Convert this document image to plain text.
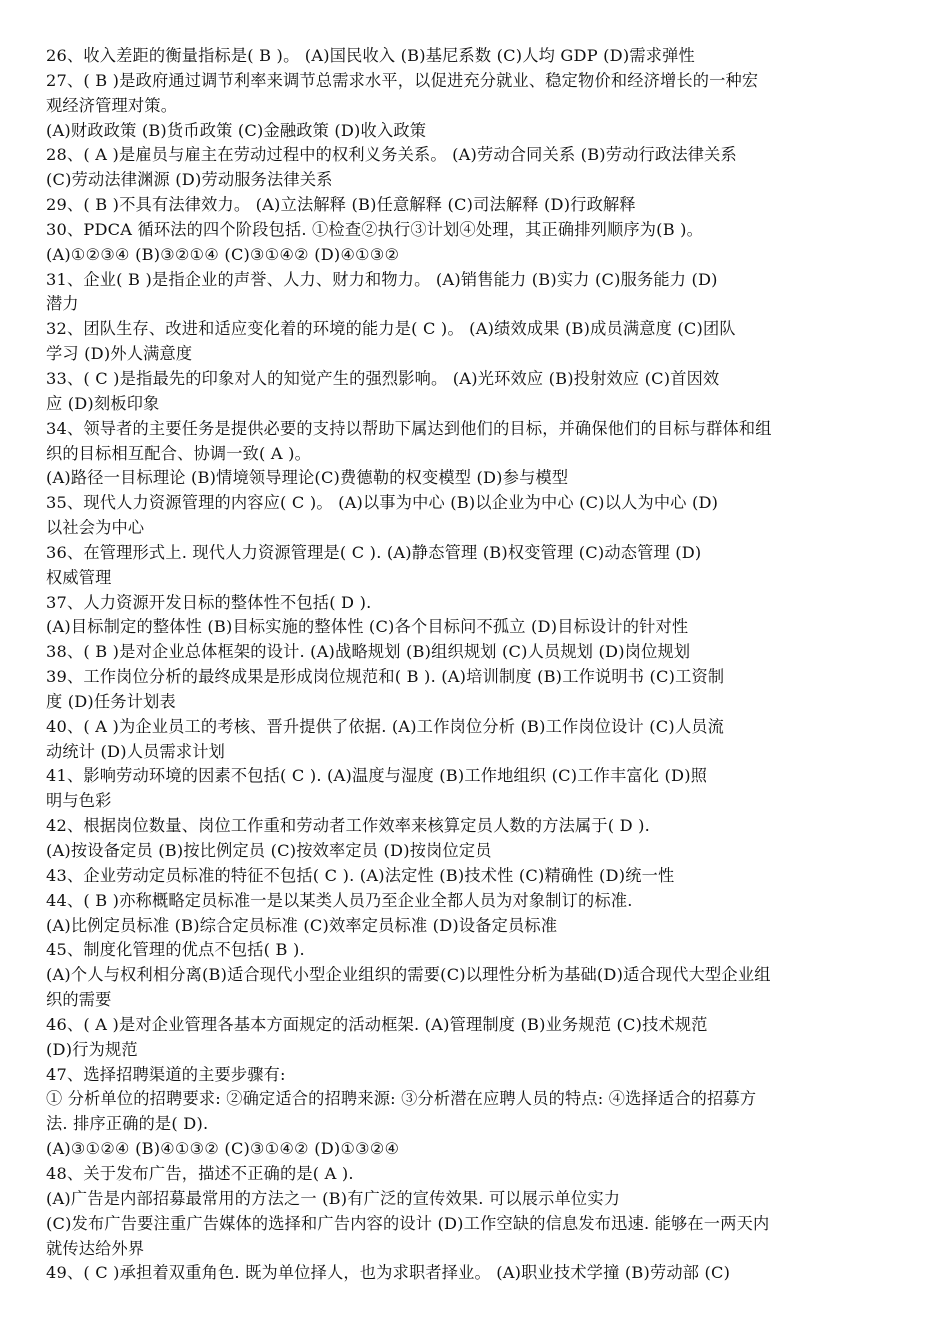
26、收入差距的衡量指标是( B )。 (A)国民收入 (B)基尼系数 (C)人均 GDP (D)需求弹性
27、( B )是政府通过调节利率来调节总需求水平，以促进充分就业、稳定物价和经济增长的一种宏
观经济管理对策。
(A)财政政策 (B)货币政策 (C)金融政策 (D)收入政策
28、( A )是雇员与雇主在劳动过程中的权利义务关系。 (A)劳动合同关系 (B)劳动行政法律关系
(C)劳动法律渊源 (D)劳动服务法律关系
29、( B )不具有法律效力。 (A)立法解释 (B)任意解释 (C)司法解释 (D)行政解释
30、PDCA 循环法的四个阶段包括. ①检查②执行③计划④处理，其正确排列顺序为(B )。
(A)①②③④ (B)③②①④ (C)③①④② (D)④①③②
31、企业( B )是指企业的声誉、人力、财力和物力。 (A)销售能力 (B)实力 (C)服务能力 (D)
潜力
32、团队生存、改进和适应变化着的环境的能力是( C )。 (A)绩效成果 (B)成员满意度 (C)团队
学习 (D)外人满意度
33、( C )是指最先的印象对人的知觉产生的强烈影响。 (A)光环效应 (B)投射效应 (C)首因效
应 (D)刻板印象
34、领导者的主要任务是提供必要的支持以帮助下属达到他们的目标，并确保他们的目标与群体和组
织的目标相互配合、协调一致( A )。
(A)路径一目标理论 (B)情境领导理论(C)费德勒的权变模型 (D)参与模型
35、现代人力资源管理的内容应( C )。 (A)以事为中心 (B)以企业为中心 (C)以人为中心 (D)
以社会为中心
36、在管理形式上. 现代人力资源管理是( C ). (A)静态管理 (B)权变管理 (C)动态管理 (D)
权威管理
37、人力资源开发日标的整体性不包括( D ).
(A)目标制定的整体性 (B)目标实施的整体性 (C)各个目标问不孤立 (D)目标设计的针对性
38、( B )是对企业总体框架的设计. (A)战略规划 (B)组织规划 (C)人员规划 (D)岗位规划
39、工作岗位分析的最终成果是形成岗位规范和( B ). (A)培训制度 (B)工作说明书 (C)工资制
度 (D)任务计划表
40、( A )为企业员工的考核、晋升提供了依据. (A)工作岗位分析 (B)工作岗位设计 (C)人员流
动统计 (D)人员需求计划
41、影响劳动环境的因素不包括( C ). (A)温度与湿度 (B)工作地组织 (C)工作丰富化 (D)照
明与色彩
42、根据岗位数量、岗位工作重和劳动者工作效率来核算定员人数的方法属于( D ).
(A)按设备定员 (B)按比例定员 (C)按效率定员 (D)按岗位定员
43、企业劳动定员标准的特征不包括( C ). (A)法定性 (B)技术性 (C)精确性 (D)统一性
44、( B )亦称概略定员标准一是以某类人员乃至企业全都人员为对象制订的标准.
(A)比例定员标准 (B)综合定员标准 (C)效率定员标准 (D)设备定员标准
45、制度化管理的优点不包括( B ).
(A)个人与权利相分离(B)适合现代小型企业组织的需要(C)以理性分析为基础(D)适合现代大型企业组
织的需要
46、( A )是对企业管理各基本方面规定的活动框架. (A)管理制度 (B)业务规范 (C)技术规范
(D)行为规范
47、选择招聘渠道的主要步骤有:
① 分析单位的招聘要求: ②确定适合的招聘来源: ③分析潜在应聘人员的特点: ④选择适合的招募方
法. 排序正确的是( D).
(A)③①②④ (B)④①③② (C)③①④② (D)①③②④
48、关于发布广告，描述不正确的是( A ).
(A)广告是内部招募最常用的方法之一 (B)有广泛的宣传效果. 可以展示单位实力
(C)发布广告要注重广告媒体的选择和广告内容的设计 (D)工作空缺的信息发布迅速. 能够在一两天内
就传达给外界
49、( C )承担着双重角色. 既为单位择人，也为求职者择业。 (A)职业技术学撞 (B)劳动部 (C)
